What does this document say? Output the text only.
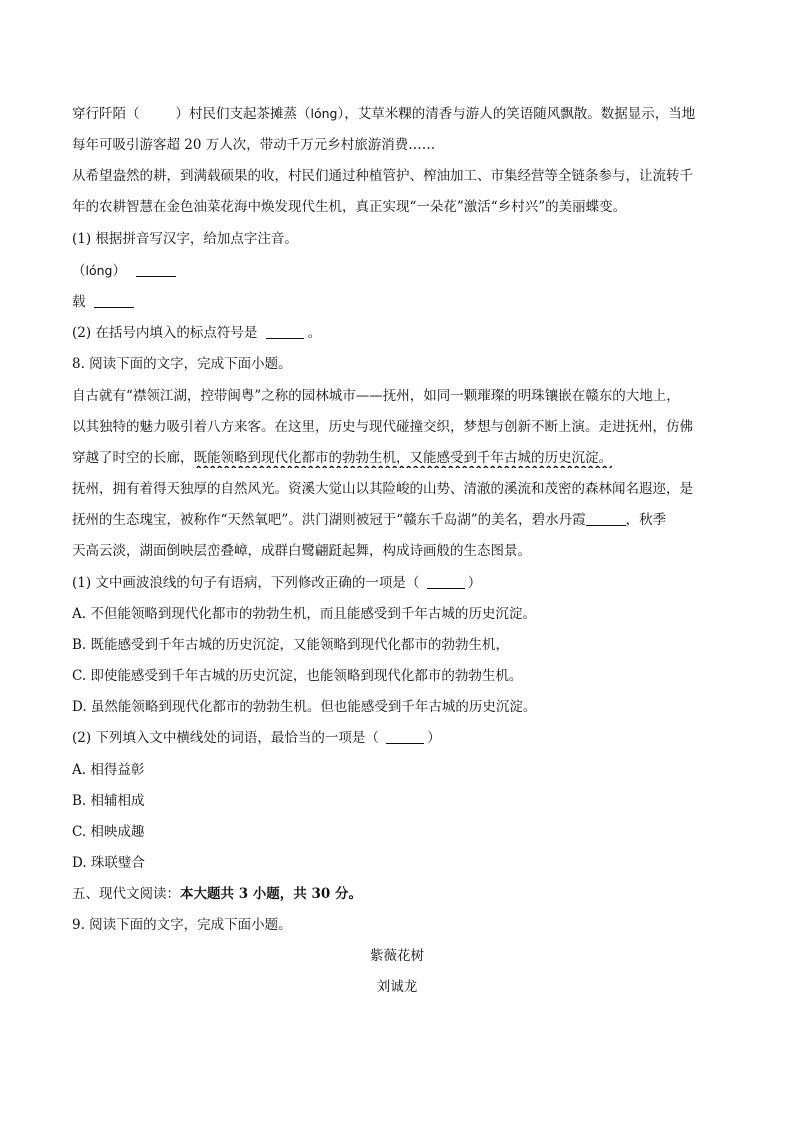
穿行阡陌（	）村民们支起茶摊蒸（lóng），艾草米粿的清香与游人的笑语随风飘散。数据显示，当地
每年可吸引游客超 20 万人次，带动千万元乡村旅游消费……
从希望盎然的耕，到满载硕果的收，村民们通过种植管护、榨油加工、市集经营等全链条参与，让流转千
年的农耕智慧在金色油菜花海中焕发现代生机，真正实现“一朵花”激活“乡村兴”的美丽蝶变。
(1) 根据拼音写汉字，给加点字注音。
（lóng）
载
(2) 在括号内填入的标点符号是	。
8. 阅读下面的文字，完成下面小题。
自古就有“襟领江湖，控带闽粤”之称的园林城市——抚州，如同一颗璀璨的明珠镶嵌在赣东的大地上，
以其独特的魅力吸引着八方来客。在这里，历史与现代碰撞交织，梦想与创新不断上演。走进抚州，仿佛
穿越了时空的长廊，既能领略到现代化都市的勃勃生机，又能感受到千年古城的历史沉淀。
抚州，拥有着得天独厚的自然风光。资溪大觉山以其险峻的山势、清澈的溪流和茂密的森林闻名遐迩，是
抚州的生态瑰宝，被称作“天然氧吧”。洪门湖则被冠于“赣东千岛湖”的美名，碧水丹霞	，秋季
天高云淡，湖面倒映层峦叠嶂，成群白鹭翩跹起舞，构成诗画般的生态图景。
(1) 文中画波浪线的句子有语病，下列修改正确的一项是（	）
A. 不但能领略到现代化都市的勃勃生机，而且能感受到千年古城的历史沉淀。
B. 既能感受到千年古城的历史沉淀，又能领略到现代化都市的勃勃生机，
C. 即使能感受到千年古城的历史沉淀，也能领略到现代化都市的勃勃生机。
D. 虽然能领略到现代化都市的勃勃生机。但也能感受到千年古城的历史沉淀。
(2) 下列填入文中横线处的词语，最恰当的一项是（	）
A. 相得益彰
B. 相辅相成
C. 相映成趣
D. 珠联璧合
五、现代文阅读：本大题共 3 小题，共 30 分。
9. 阅读下面的文字，完成下面小题。
紫薇花树
刘诚龙
